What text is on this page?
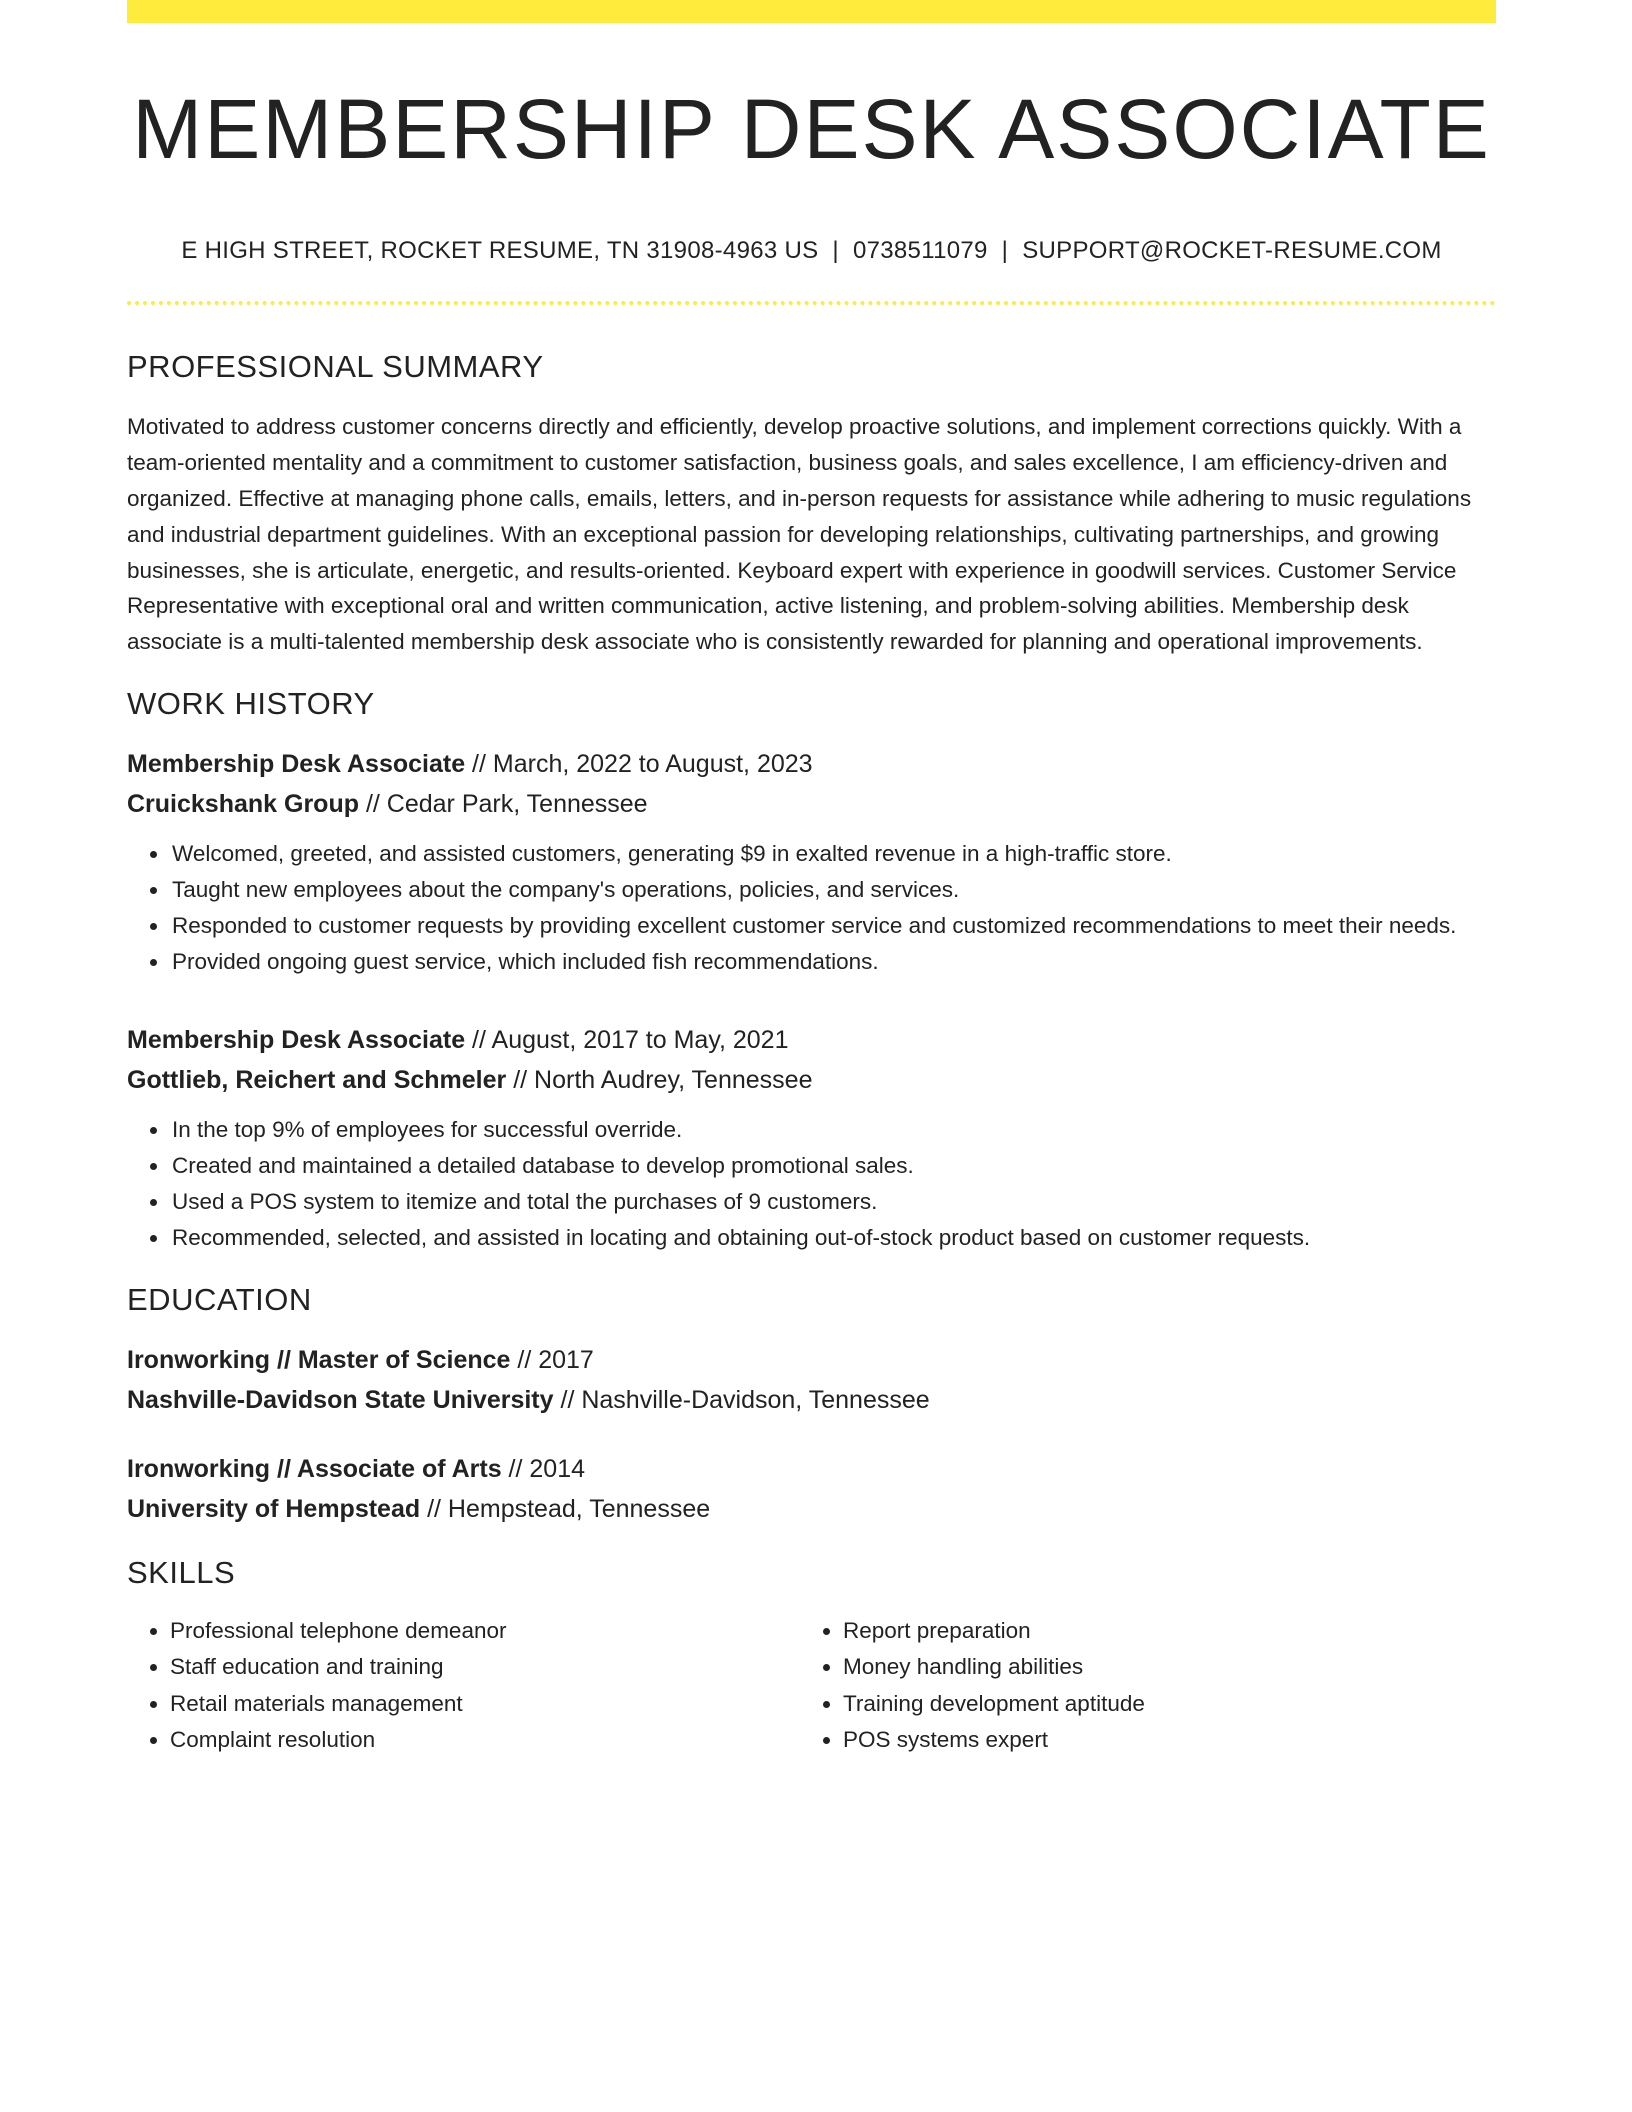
MEMBERSHIP DESK ASSOCIATE
E HIGH STREET, ROCKET RESUME, TN 31908-4963 US | 0738511079 | SUPPORT@ROCKET-RESUME.COM
PROFESSIONAL SUMMARY
Motivated to address customer concerns directly and efficiently, develop proactive solutions, and implement corrections quickly. With a team-oriented mentality and a commitment to customer satisfaction, business goals, and sales excellence, I am efficiency-driven and organized. Effective at managing phone calls, emails, letters, and in-person requests for assistance while adhering to music regulations and industrial department guidelines. With an exceptional passion for developing relationships, cultivating partnerships, and growing businesses, she is articulate, energetic, and results-oriented. Keyboard expert with experience in goodwill services. Customer Service Representative with exceptional oral and written communication, active listening, and problem-solving abilities. Membership desk associate is a multi-talented membership desk associate who is consistently rewarded for planning and operational improvements.
WORK HISTORY
Membership Desk Associate // March, 2022 to August, 2023
Cruickshank Group // Cedar Park, Tennessee
• Welcomed, greeted, and assisted customers, generating $9 in exalted revenue in a high-traffic store.
• Taught new employees about the company's operations, policies, and services.
• Responded to customer requests by providing excellent customer service and customized recommendations to meet their needs.
• Provided ongoing guest service, which included fish recommendations.
Membership Desk Associate // August, 2017 to May, 2021
Gottlieb, Reichert and Schmeler // North Audrey, Tennessee
• In the top 9% of employees for successful override.
• Created and maintained a detailed database to develop promotional sales.
• Used a POS system to itemize and total the purchases of 9 customers.
• Recommended, selected, and assisted in locating and obtaining out-of-stock product based on customer requests.
EDUCATION
Ironworking // Master of Science // 2017
Nashville-Davidson State University // Nashville-Davidson, Tennessee
Ironworking // Associate of Arts // 2014
University of Hempstead // Hempstead, Tennessee
SKILLS
• Professional telephone demeanor
• Staff education and training
• Retail materials management
• Complaint resolution
• Report preparation
• Money handling abilities
• Training development aptitude
• POS systems expert
